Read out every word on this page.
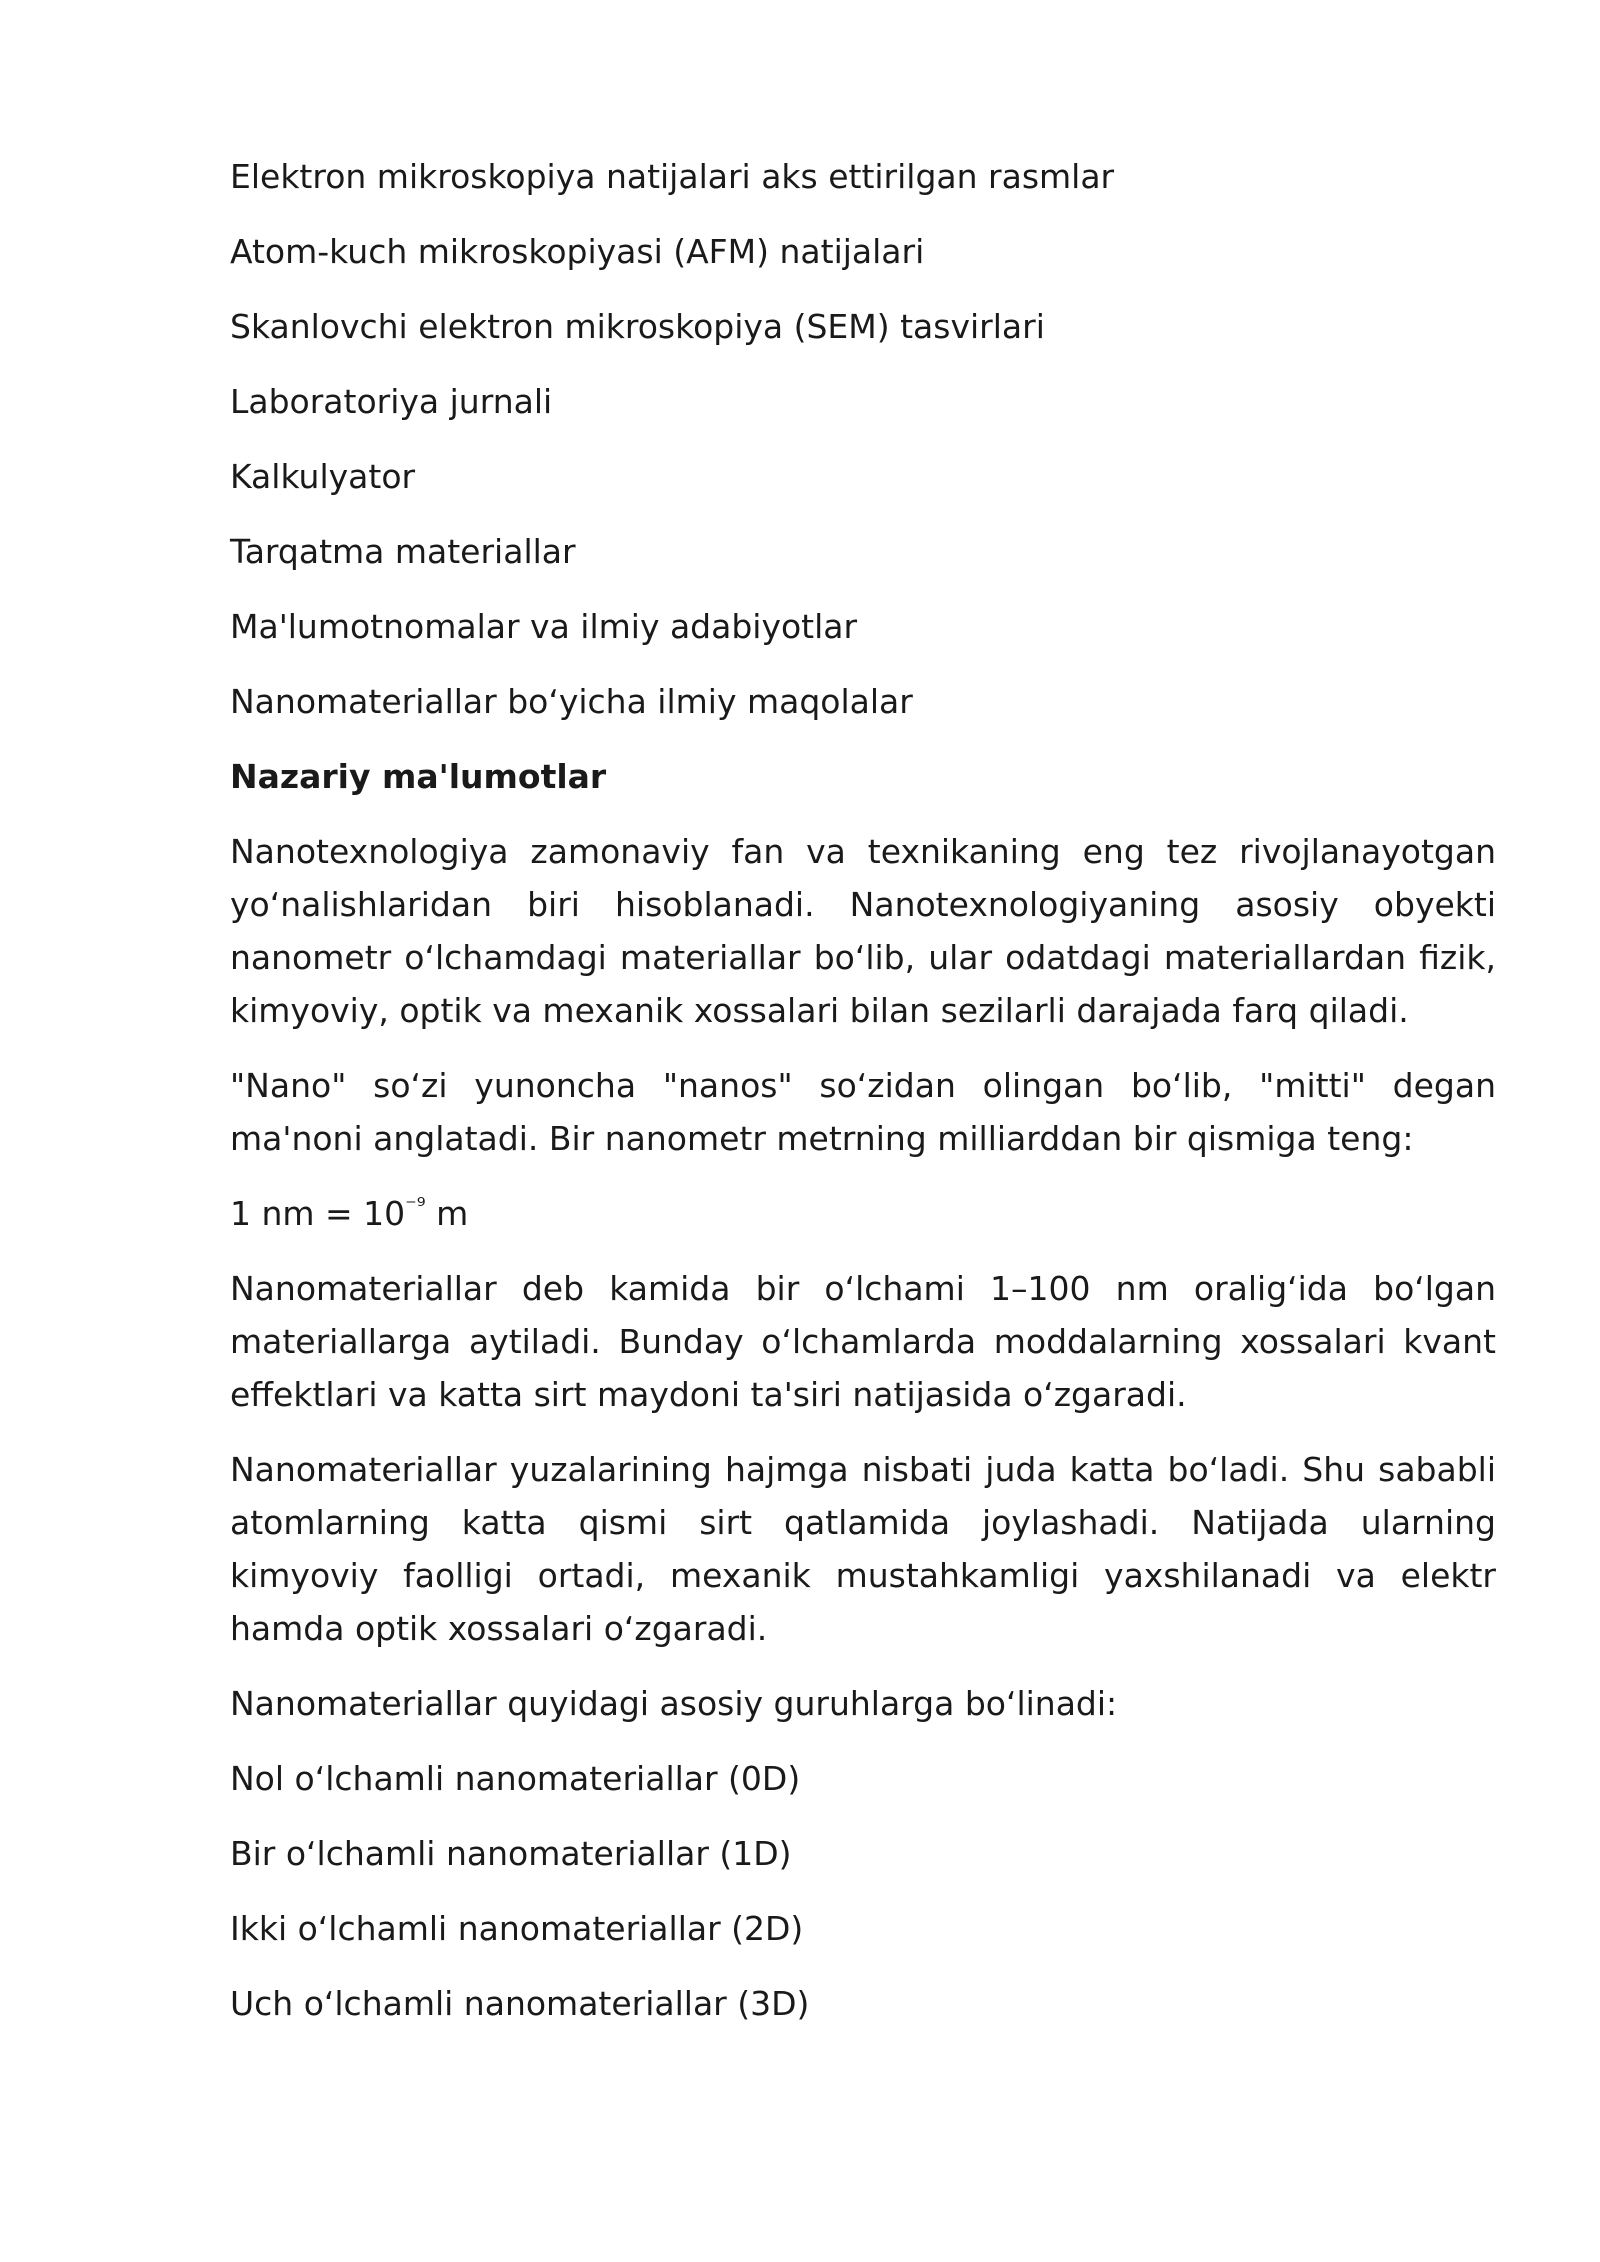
Elektron mikroskopiya natijalari aks ettirilgan rasmlar

Atom-kuch mikroskopiyasi (AFM) natijalari

Skanlovchi elektron mikroskopiya (SEM) tasvirlari

Laboratoriya jurnali

Kalkulyator

Tarqatma materiallar

Ma'lumotnomalar va ilmiy adabiyotlar

Nanomateriallar bo‘yicha ilmiy maqolalar

Nazariy ma'lumotlar

Nanotexnologiya zamonaviy fan va texnikaning eng tez rivojlanayotgan yo‘nalishlaridan biri hisoblanadi. Nanotexnologiyaning asosiy obyekti nanometr o‘lchamdagi materiallar bo‘lib, ular odatdagi materiallardan fizik, kimyoviy, optik va mexanik xossalari bilan sezilarli darajada farq qiladi.

"Nano" so‘zi yunoncha "nanos" so‘zidan olingan bo‘lib, "mitti" degan ma'noni anglatadi. Bir nanometr metrning milliarddan bir qismiga teng:

1 nm = $10^{^{-9}}$ m

Nanomateriallar deb kamida bir o‘lchami 1–100 nm oralig‘ida bo‘lgan materiallarga aytiladi. Bunday o‘lchamlarda moddalarning xossalari kvant effektlari va katta sirt maydoni ta'siri natijasida o‘zgaradi.

Nanomateriallar yuzalarining hajmga nisbati juda katta bo‘ladi. Shu sababli atomlarning katta qismi sirt qatlamida joylashadi. Natijada ularning kimyoviy faolligi ortadi, mexanik mustahkamligi yaxshilanadi va elektr hamda optik xossalari o‘zgaradi.

Nanomateriallar quyidagi asosiy guruhlarga bo‘linadi:

Nol o‘lchamli nanomateriallar (0D)

Bir o‘lchamli nanomateriallar (1D)

Ikki o‘lchamli nanomateriallar (2D)

Uch o‘lchamli nanomateriallar (3D)
